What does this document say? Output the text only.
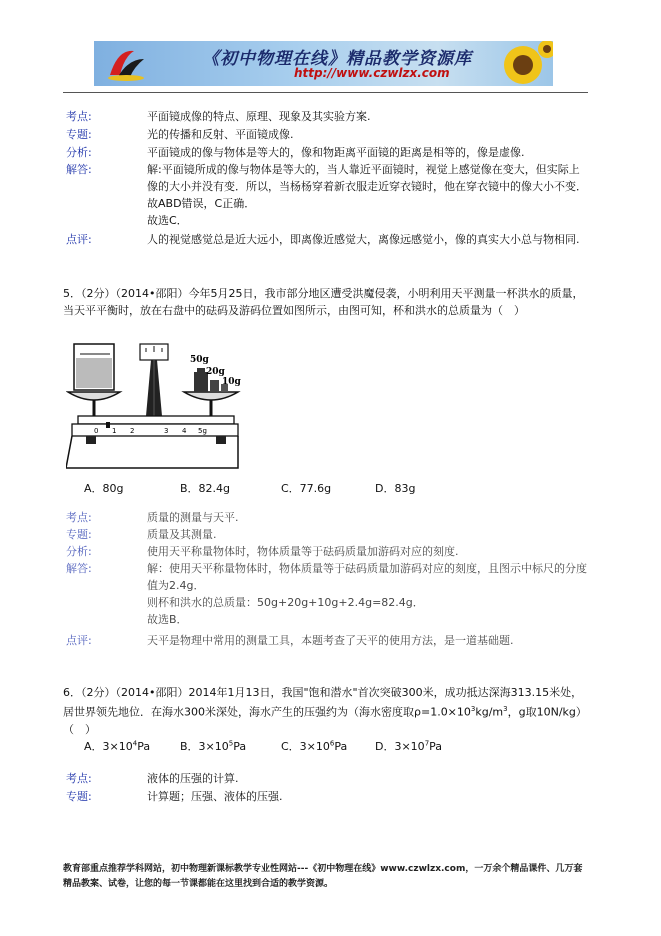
《初中物理在线》精品教学资源库
http://www.czwlzx.com
考点:	平面镜成像的特点、原理、现象及其实验方案.
专题:	光的传播和反射、平面镜成像.
分析:	平面镜成的像与物体是等大的，像和物距离平面镜的距离是相等的，像是虚像.
解答:	解:平面镜所成的像与物体是等大的，当人靠近平面镜时，视觉上感觉像在变大，但实际上像的大小并没有变．所以，当杨杨穿着新衣服走近穿衣镜时，他在穿衣镜中的像大小不变．故ABD错误，C正确．
故选C．
点评:	人的视觉感觉总是近大远小，即离像近感觉大，离像远感觉小，像的真实大小总与物相同.
5．（2分）（2014•邵阳）今年5月25日，我市部分地区遭受洪魔侵袭，小明利用天平测量一杯洪水的质量，当天平平衡时，放在右盘中的砝码及游码位置如图所示，由图可知，杯和洪水的总质量为（　）
50g
20g
10g
0 1 2	3 4 5g
A．80g	B．82.4g	C．77.6g	D．83g
考点:	质量的测量与天平.
专题:	质量及其测量.
分析:	使用天平称量物体时，物体质量等于砝码质量加游码对应的刻度.
解答:	解：使用天平称量物体时，物体质量等于砝码质量加游码对应的刻度，且图示中标尺的分度值为2.4g．
则杯和洪水的总质量：50g+20g+10g+2.4g=82.4g．
故选B．
点评:	天平是物理中常用的测量工具，本题考查了天平的使用方法，是一道基础题.
6．（2分）（2014•邵阳）2014年1月13日，我国"饱和潜水"首次突破300米，成功抵达深海313.15米处，居世界领先地位．在海水300米深处，海水产生的压强约为（海水密度取$\rho=1.0\times 10^3kg/m^3$，g取10N/kg）（　）
A．$3\times 10^4Pa$	B．$3\times 10^5Pa$	C．$3\times 10^6Pa$	D．$3\times 10^7Pa$
考点:	液体的压强的计算.
专题:	计算题；压强、液体的压强.
教育部重点推荐学科网站，初中物理新课标教学专业性网站---《初中物理在线》www.czwlzx.com，一万余个精品课件、几万套精品教案、试卷，让您的每一节课都能在这里找到合适的教学资源。
